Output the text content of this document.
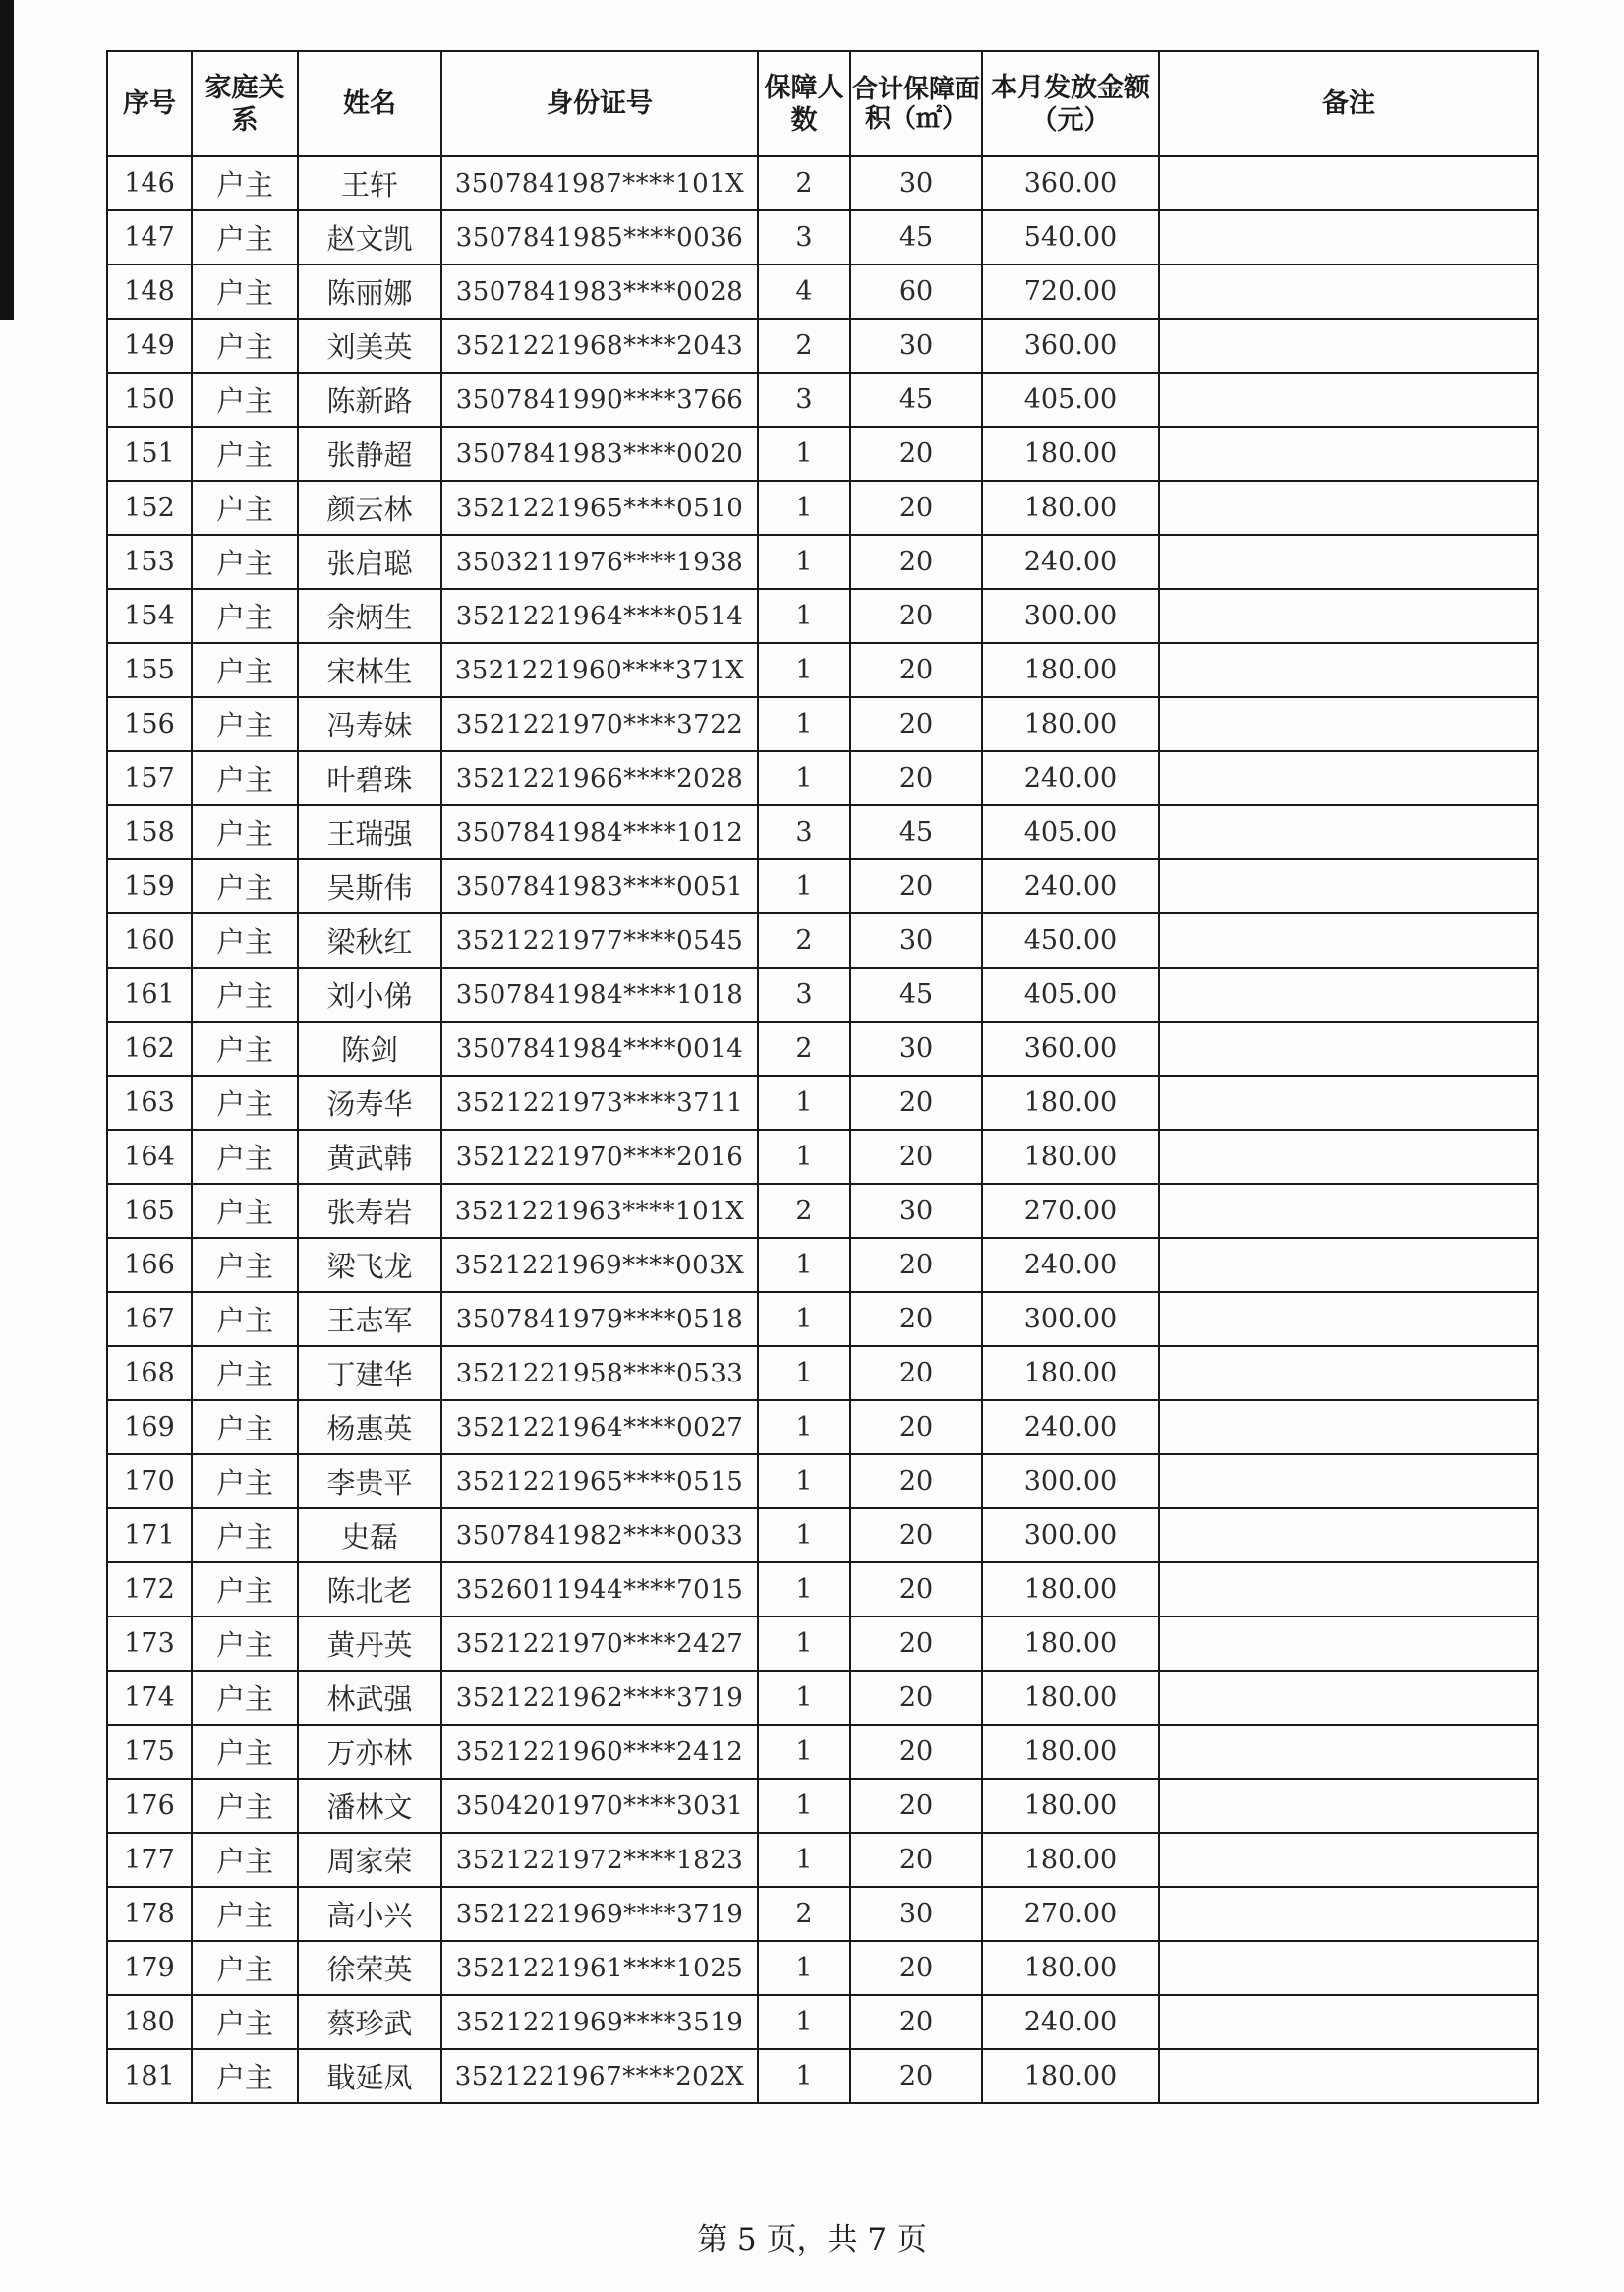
序号	家庭关系	姓名	身份证号	保障人数	合计保障面积（㎡）	本月发放金额（元）	备注
146	户主	王轩	3507841987****101X	2	30	360.00	
147	户主	赵文凯	3507841985****0036	3	45	540.00	
148	户主	陈丽娜	3507841983****0028	4	60	720.00	
149	户主	刘美英	3521221968****2043	2	30	360.00	
150	户主	陈新路	3507841990****3766	3	45	405.00	
151	户主	张静超	3507841983****0020	1	20	180.00	
152	户主	颜云林	3521221965****0510	1	20	180.00	
153	户主	张启聪	3503211976****1938	1	20	240.00	
154	户主	余炳生	3521221964****0514	1	20	300.00	
155	户主	宋林生	3521221960****371X	1	20	180.00	
156	户主	冯寿妹	3521221970****3722	1	20	180.00	
157	户主	叶碧珠	3521221966****2028	1	20	240.00	
158	户主	王瑞强	3507841984****1012	3	45	405.00	
159	户主	吴斯伟	3507841983****0051	1	20	240.00	
160	户主	梁秋红	3521221977****0545	2	30	450.00	
161	户主	刘小俤	3507841984****1018	3	45	405.00	
162	户主	陈剑	3507841984****0014	2	30	360.00	
163	户主	汤寿华	3521221973****3711	1	20	180.00	
164	户主	黄武韩	3521221970****2016	1	20	180.00	
165	户主	张寿岩	3521221963****101X	2	30	270.00	
166	户主	梁飞龙	3521221969****003X	1	20	240.00	
167	户主	王志军	3507841979****0518	1	20	300.00	
168	户主	丁建华	3521221958****0533	1	20	180.00	
169	户主	杨惠英	3521221964****0027	1	20	240.00	
170	户主	李贵平	3521221965****0515	1	20	300.00	
171	户主	史磊	3507841982****0033	1	20	300.00	
172	户主	陈北老	3526011944****7015	1	20	180.00	
173	户主	黄丹英	3521221970****2427	1	20	180.00	
174	户主	林武强	3521221962****3719	1	20	180.00	
175	户主	万亦林	3521221960****2412	1	20	180.00	
176	户主	潘林文	3504201970****3031	1	20	180.00	
177	户主	周家荣	3521221972****1823	1	20	180.00	
178	户主	高小兴	3521221969****3719	2	30	270.00	
179	户主	徐荣英	3521221961****1025	1	20	180.00	
180	户主	蔡珍武	3521221969****3519	1	20	240.00	
181	户主	戢延凤	3521221967****202X	1	20	180.00	
第 5 页，共 7 页
